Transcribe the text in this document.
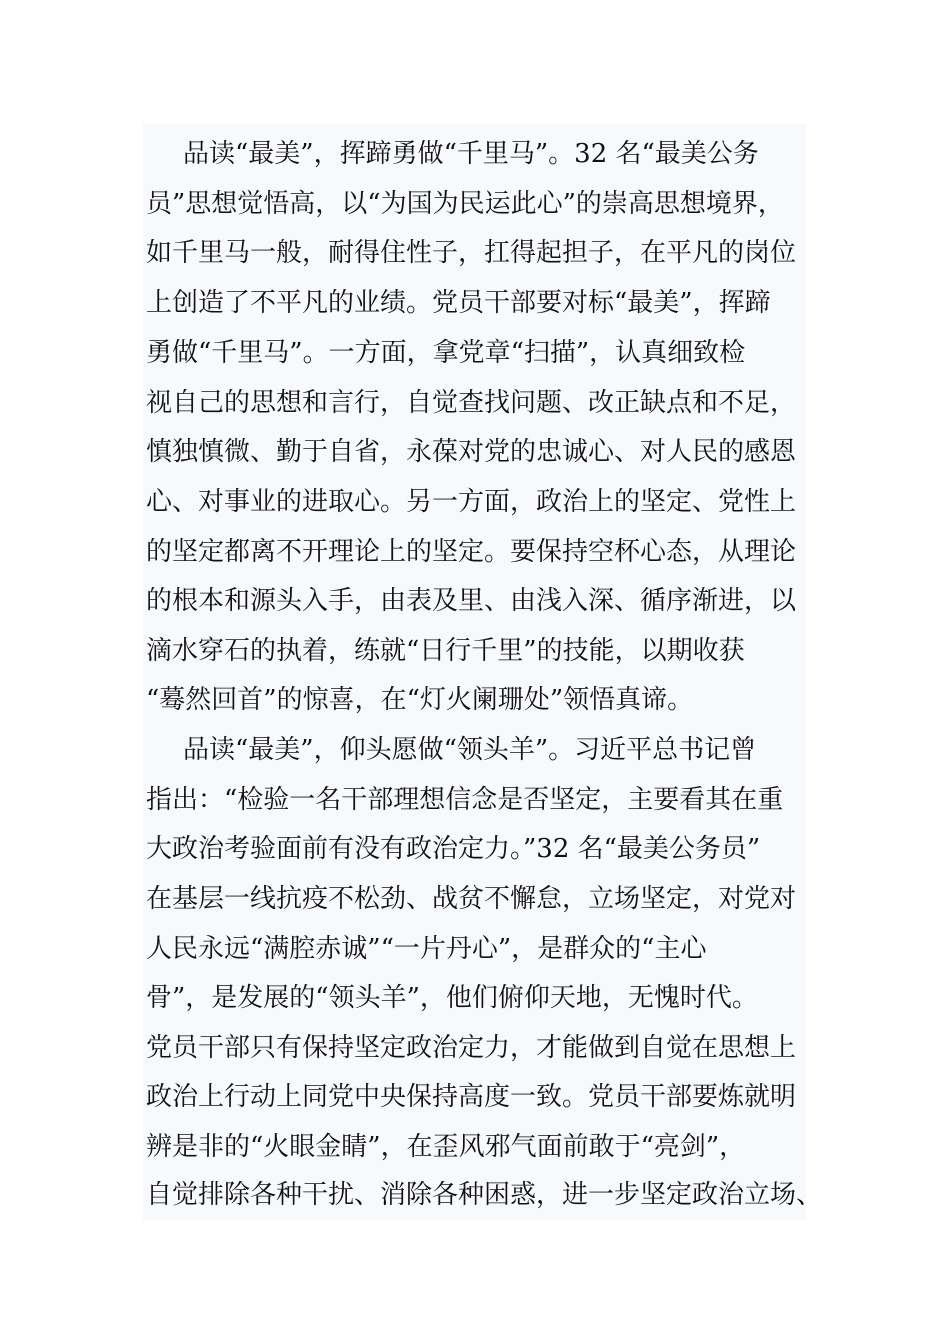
品读“最美”，挥蹄勇做“千里马”。32 名“最美公务
员”思想觉悟高，以“为国为民运此心”的崇高思想境界，
如千里马一般，耐得住性子，扛得起担子，在平凡的岗位
上创造了不平凡的业绩。党员干部要对标“最美”，挥蹄
勇做“千里马”。一方面，拿党章“扫描”，认真细致检
视自己的思想和言行，自觉查找问题、改正缺点和不足，
慎独慎微、勤于自省，永葆对党的忠诚心、对人民的感恩
心、对事业的进取心。另一方面，政治上的坚定、党性上
的坚定都离不开理论上的坚定。要保持空杯心态，从理论
的根本和源头入手，由表及里、由浅入深、循序渐进，以
滴水穿石的执着，练就“日行千里”的技能，以期收获
“蓦然回首”的惊喜，在“灯火阑珊处”领悟真谛。
品读“最美”，仰头愿做“领头羊”。习近平总书记曾
指出：“检验一名干部理想信念是否坚定，主要看其在重
大政治考验面前有没有政治定力。”32 名“最美公务员”
在基层一线抗疫不松劲、战贫不懈怠，立场坚定，对党对
人民永远“满腔赤诚”“一片丹心”，是群众的“主心
骨”，是发展的“领头羊”，他们俯仰天地，无愧时代。
党员干部只有保持坚定政治定力，才能做到自觉在思想上
政治上行动上同党中央保持高度一致。党员干部要炼就明
辨是非的“火眼金睛”，在歪风邪气面前敢于“亮剑”，
自觉排除各种干扰、消除各种困惑，进一步坚定政治立场、
